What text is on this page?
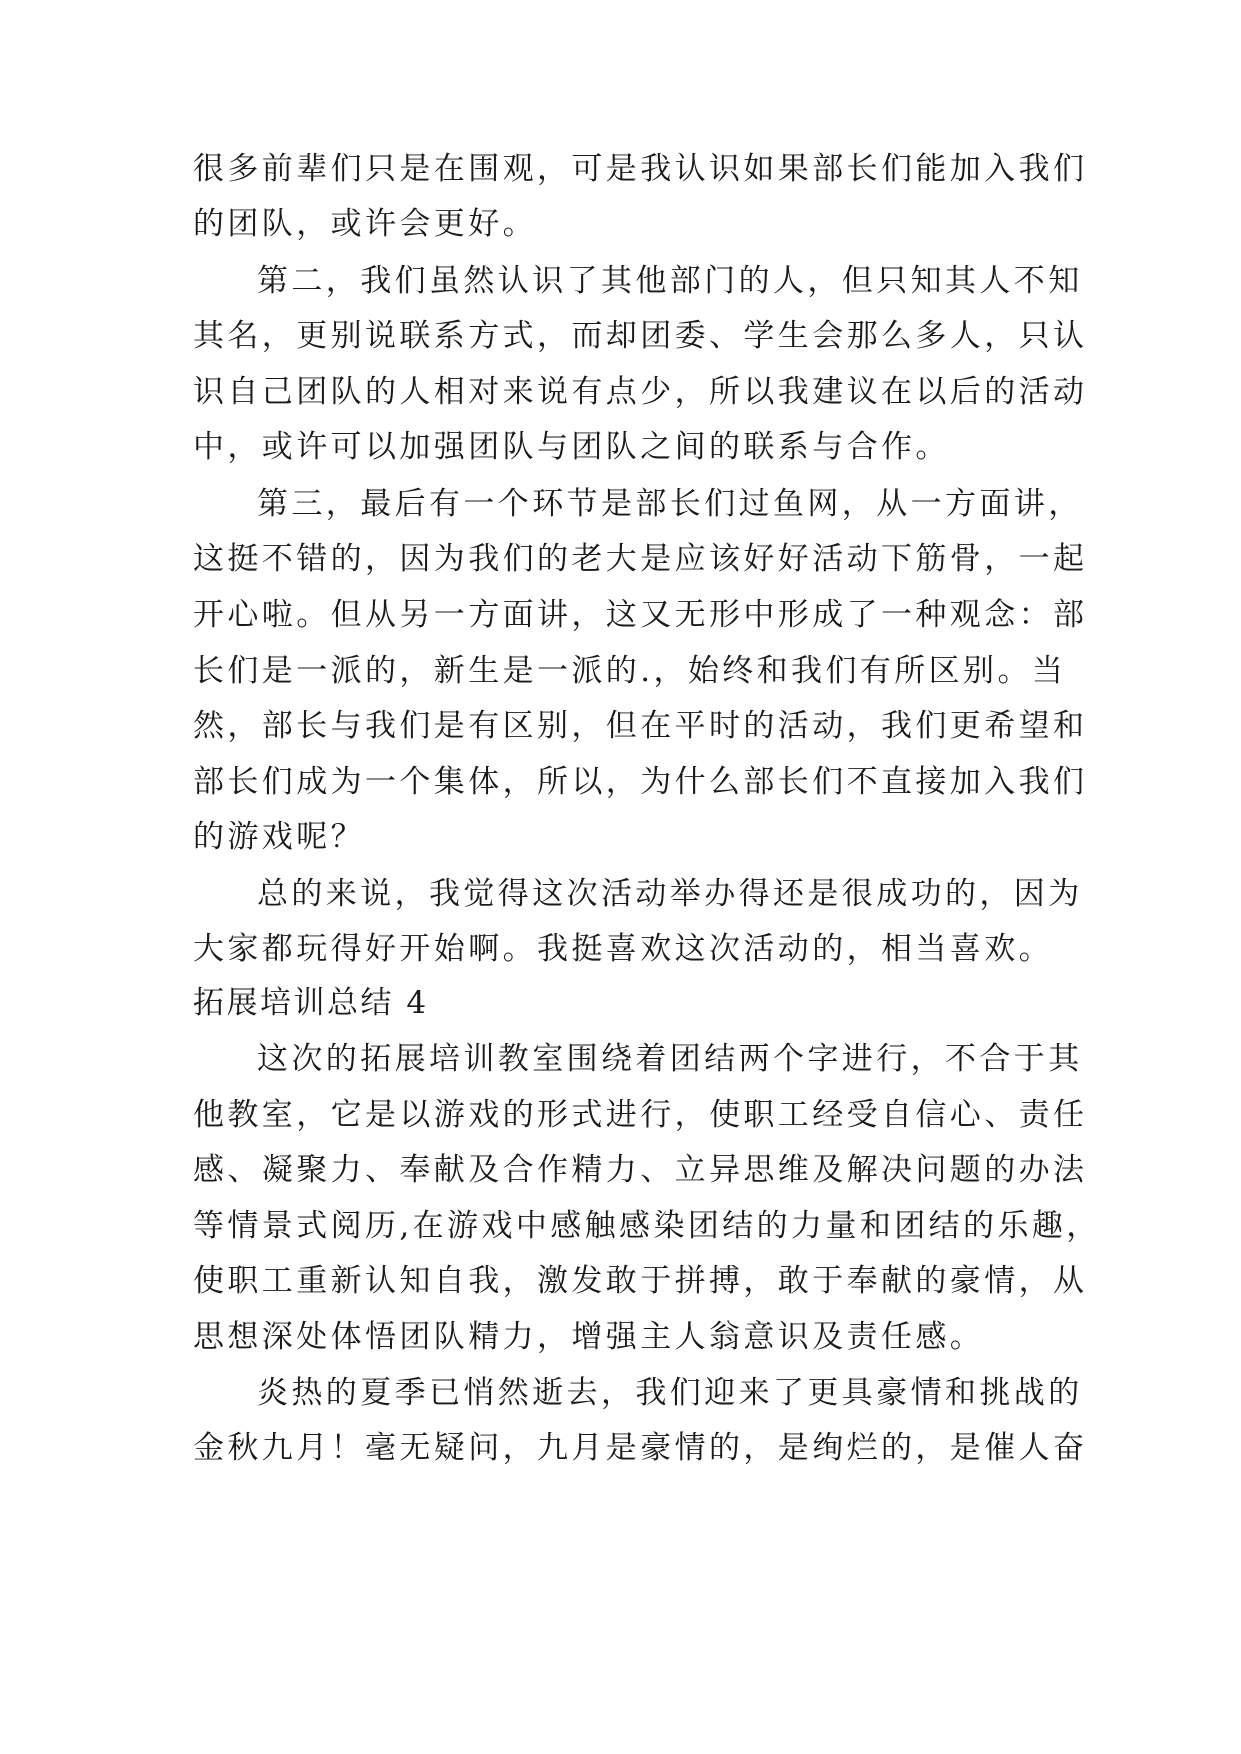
很多前辈们只是在围观，可是我认识如果部长们能加入我们
的团队，或许会更好。
第二，我们虽然认识了其他部门的人，但只知其人不知
其名，更别说联系方式，而却团委、学生会那么多人，只认
识自己团队的人相对来说有点少，所以我建议在以后的活动
中，或许可以加强团队与团队之间的联系与合作。
第三，最后有一个环节是部长们过鱼网，从一方面讲，
这挺不错的，因为我们的老大是应该好好活动下筋骨，一起
开心啦。但从另一方面讲，这又无形中形成了一种观念：部
长们是一派的，新生是一派的.，始终和我们有所区别。当
然，部长与我们是有区别，但在平时的活动，我们更希望和
部长们成为一个集体，所以，为什么部长们不直接加入我们
的游戏呢？
总的来说，我觉得这次活动举办得还是很成功的，因为
大家都玩得好开始啊。我挺喜欢这次活动的，相当喜欢。
拓展培训总结 4
这次的拓展培训教室围绕着团结两个字进行，不合于其
他教室，它是以游戏的形式进行，使职工经受自信心、责任
感、凝聚力、奉献及合作精力、立异思维及解决问题的办法
等情景式阅历,在游戏中感触感染团结的力量和团结的乐趣，
使职工重新认知自我，激发敢于拼搏，敢于奉献的豪情，从
思想深处体悟团队精力，增强主人翁意识及责任感。
炎热的夏季已悄然逝去，我们迎来了更具豪情和挑战的
金秋九月！毫无疑问，九月是豪情的，是绚烂的，是催人奋
